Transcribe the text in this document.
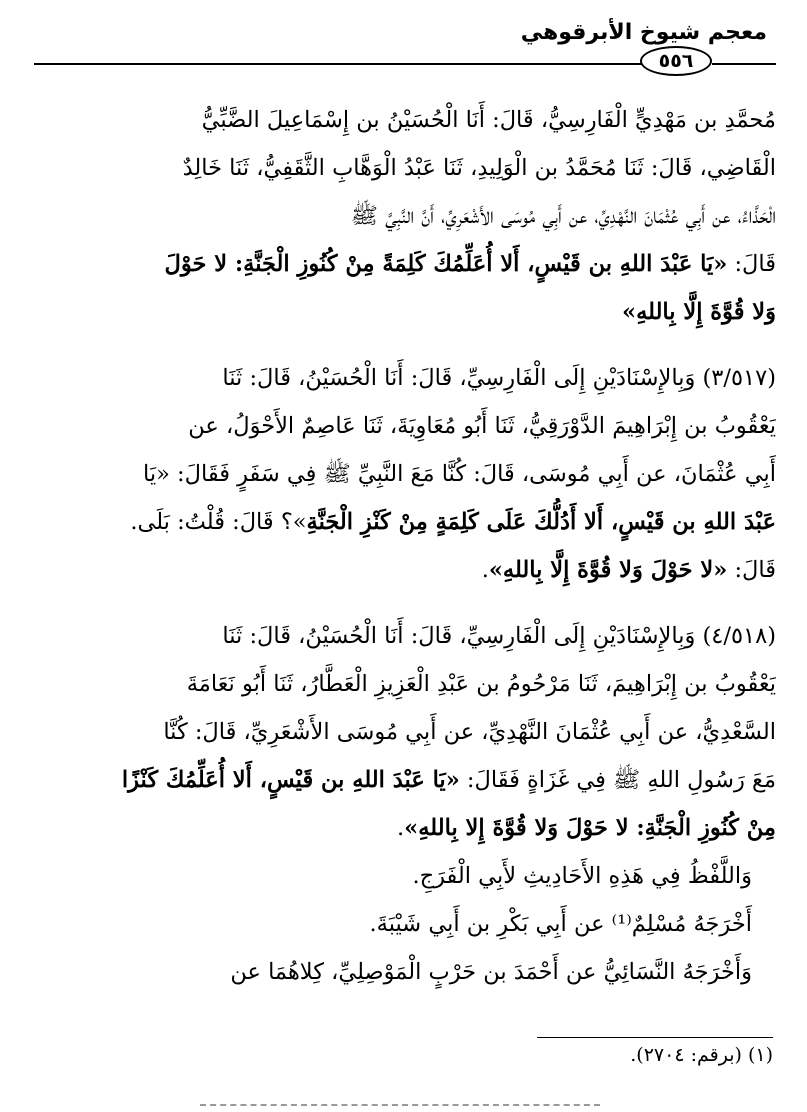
معجم شيوخ الأبرقوهي
٥٥٦
مُحمَّدِ بن مَهْدِيٍّ الْفَارِسِيُّ، قَالَ: أَنَا الْحُسَيْنُ بن إِسْمَاعِيلَ الضَّبِّيُّ
الْقَاضِي، قَالَ: ثَنَا مُحَمَّدُ بن الْوَلِيدِ، ثَنَا عَبْدُ الْوَهَّابِ الثَّقَفِيُّ، ثَنَا خَالِدٌ
الْحَذَّاءُ، عن أَبِي عُثْمَانَ النَّهْدِيِّ، عن أَبِي مُوسَى الأَشْعَرِيِّ، أَنَّ النَّبِيَّ ﷺ
قَالَ: «يَا عَبْدَ اللهِ بن قَيْسٍ، أَلا أُعَلِّمُكَ كَلِمَةً مِنْ كُنُوزِ الْجَنَّةِ: لا حَوْلَ
وَلا قُوَّةَ إِلَّا بِاللهِ»
(٣/٥١٧) وَبِالإِسْنَادَيْنِ إِلَى الْفَارِسِيِّ، قَالَ: أَنَا الْحُسَيْنُ، قَالَ: ثَنَا
يَعْقُوبُ بن إِبْرَاهِيمَ الدَّوْرَقِيُّ، ثَنَا أَبُو مُعَاوِيَةَ، ثَنَا عَاصِمٌ الأَحْوَلُ، عن
أَبِي عُثْمَانَ، عن أَبِي مُوسَى، قَالَ: كُنَّا مَعَ النَّبِيِّ ﷺ فِي سَفَرٍ فَقَالَ: «يَا
عَبْدَ اللهِ بن قَيْسٍ، أَلا أَدُلُّكَ عَلَى كَلِمَةٍ مِنْ كَنْزِ الْجَنَّةِ»؟ قَالَ: قُلْتُ: بَلَى.
قَالَ: «لا حَوْلَ وَلا قُوَّةَ إِلَّا بِاللهِ».
(٤/٥١٨) وَبِالإِسْنَادَيْنِ إِلَى الْفَارِسِيِّ، قَالَ: أَنَا الْحُسَيْنُ، قَالَ: ثَنَا
يَعْقُوبُ بن إِبْرَاهِيمَ، ثَنَا مَرْحُومُ بن عَبْدِ الْعَزِيزِ الْعَطَّارُ، ثَنَا أَبُو نَعَامَةَ
السَّعْدِيُّ، عن أَبِي عُثْمَانَ النَّهْدِيِّ، عن أَبِي مُوسَى الأَشْعَرِيِّ، قَالَ: كُنَّا
مَعَ رَسُولِ اللهِ ﷺ فِي غَزَاةٍ فَقَالَ: «يَا عَبْدَ اللهِ بن قَيْسٍ، أَلا أُعَلِّمُكَ كَنْزًا
مِنْ كُنُوزِ الْجَنَّةِ: لا حَوْلَ وَلا قُوَّةَ إِلا بِاللهِ».
وَاللَّفْظُ فِي هَذِهِ الأَحَادِيثِ لأَبِي الْفَرَجِ.
أَخْرَجَهُ مُسْلِمٌ⁽¹⁾ عن أَبِي بَكْرِ بن أَبِي شَيْبَةَ.
وَأَخْرَجَهُ النَّسَائِيُّ عن أَحْمَدَ بن حَرْبٍ الْمَوْصِلِيِّ، كِلاهُمَا عن
(١) (برقم: ٢٧٠٤).
